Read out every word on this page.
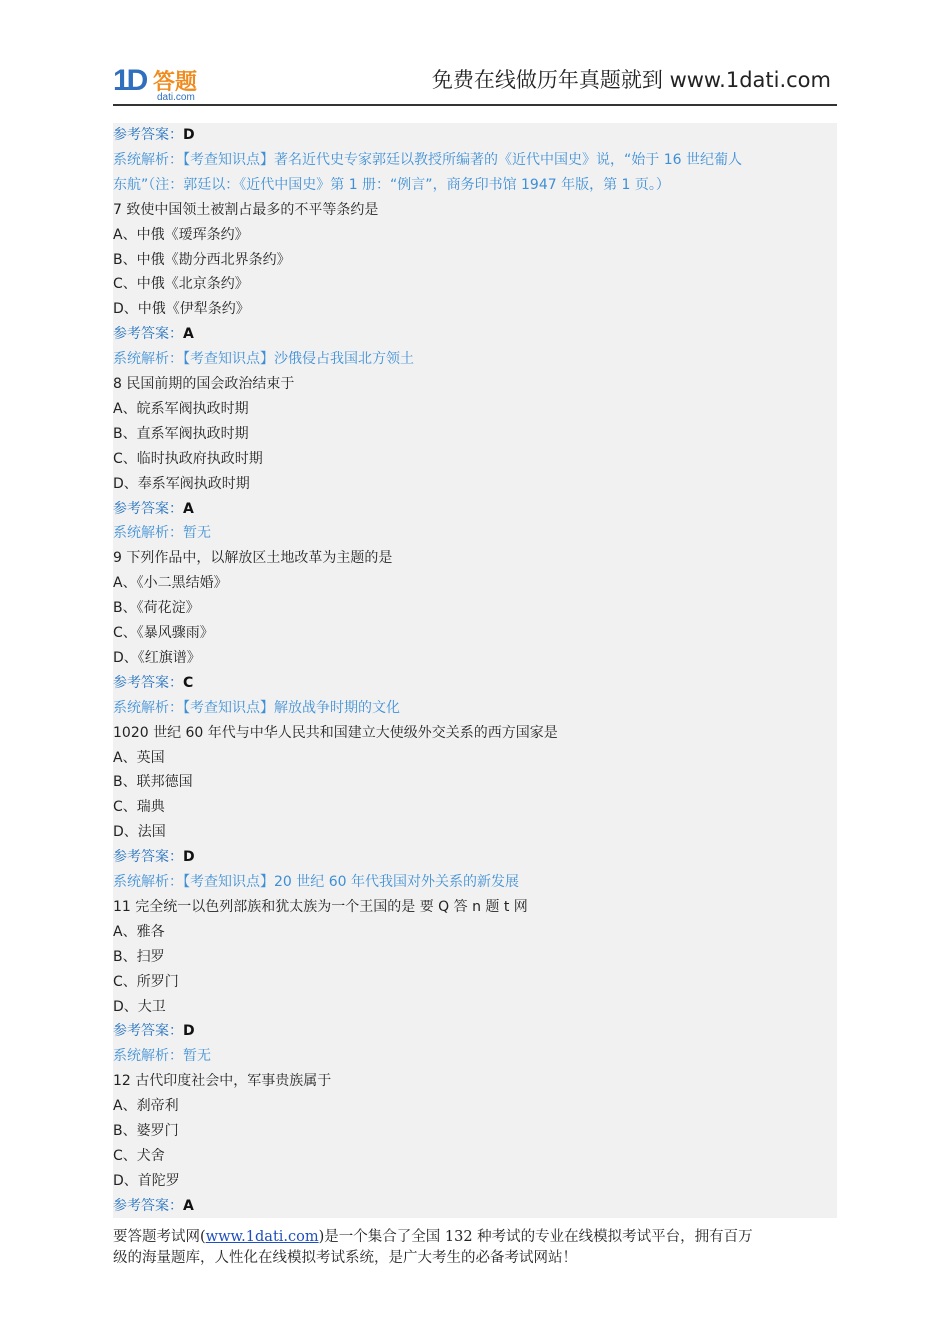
1D 答题
dati.com
免费在线做历年真题就到 www.1dati.com
参考答案：D
系统解析：【考查知识点】著名近代史专家郭廷以教授所编著的《近代中国史》说，“始于 16 世纪葡人
东航”（注：郭廷以：《近代中国史》第 1 册：“例言”，商务印书馆 1947 年版，第 1 页。）
7 致使中国领土被割占最多的不平等条约是
A、中俄《瑷珲条约》
B、中俄《勘分西北界条约》
C、中俄《北京条约》
D、中俄《伊犁条约》
参考答案：A
系统解析：【考查知识点】沙俄侵占我国北方领土
8 民国前期的国会政治结束于
A、皖系军阀执政时期
B、直系军阀执政时期
C、临时执政府执政时期
D、奉系军阀执政时期
参考答案：A
系统解析：暂无
9 下列作品中，以解放区土地改革为主题的是
A、《小二黑结婚》
B、《荷花淀》
C、《暴风骤雨》
D、《红旗谱》
参考答案：C
系统解析：【考查知识点】解放战争时期的文化
1020 世纪 60 年代与中华人民共和国建立大使级外交关系的西方国家是
A、英国
B、联邦德国
C、瑞典
D、法国
参考答案：D
系统解析：【考查知识点】20 世纪 60 年代我国对外关系的新发展
11 完全统一以色列部族和犹太族为一个王国的是 要 Q 答 n 题 t 网
A、雅各
B、扫罗
C、所罗门
D、大卫
参考答案：D
系统解析：暂无
12 古代印度社会中，军事贵族属于
A、刹帝利
B、婆罗门
C、犬舍
D、首陀罗
参考答案：A
要答题考试网(www.1dati.com)是一个集合了全国 132 种考试的专业在线模拟考试平台，拥有百万
级的海量题库，人性化在线模拟考试系统，是广大考生的必备考试网站！
